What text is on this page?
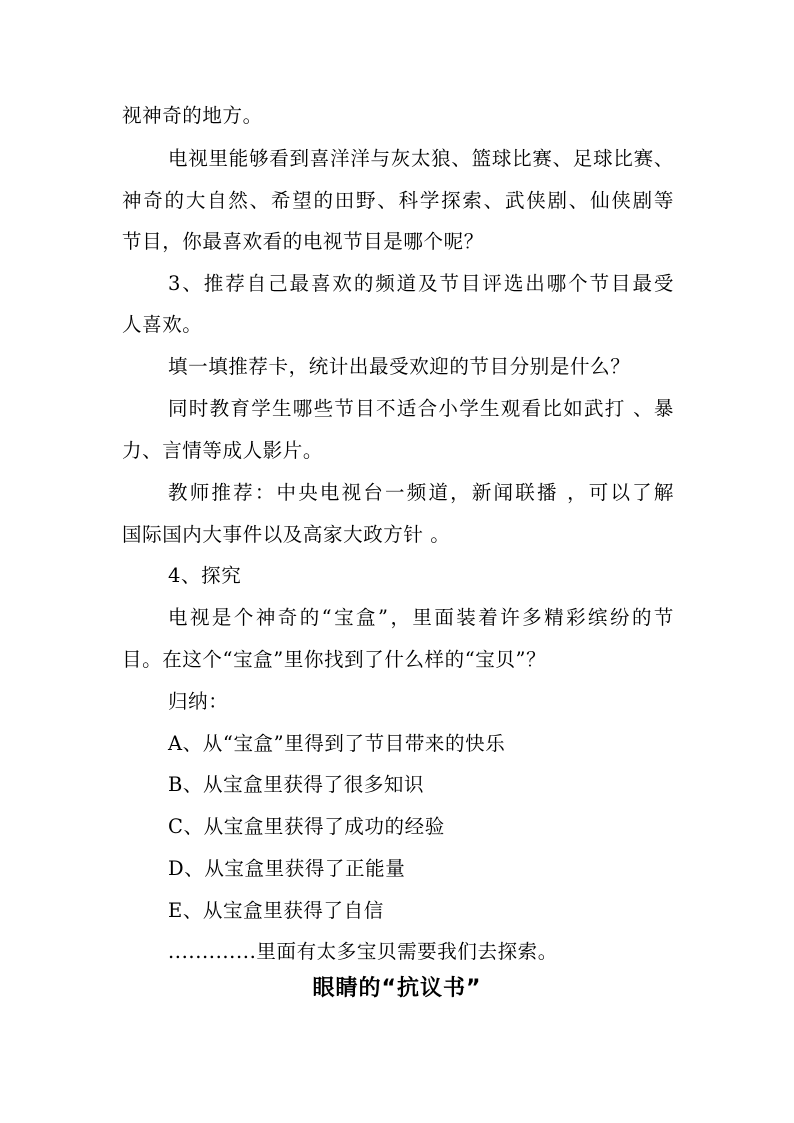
视神奇的地方。
电视里能够看到喜洋洋与灰太狼、篮球比赛、足球比赛、
神奇的大自然、希望的田野、科学探索、武侠剧、仙侠剧等
节目，你最喜欢看的电视节目是哪个呢？
3、推荐自己最喜欢的频道及节目评选出哪个节目最受
人喜欢。
填一填推荐卡，统计出最受欢迎的节目分别是什么？
同时教育学生哪些节目不适合小学生观看比如武打 、暴
力、言情等成人影片。
教师推荐：中央电视台一频道，新闻联播 ，可以了解
国际国内大事件以及高家大政方针 。
4、探究
电视是个神奇的“宝盒”，里面装着许多精彩缤纷的节
目。在这个“宝盒”里你找到了什么样的“宝贝”？
归纳：
A、从“宝盒”里得到了节目带来的快乐
B、从宝盒里获得了很多知识
C、从宝盒里获得了成功的经验
D、从宝盒里获得了正能量
E、从宝盒里获得了自信
.............里面有太多宝贝需要我们去探索。
眼睛的“抗议书”
